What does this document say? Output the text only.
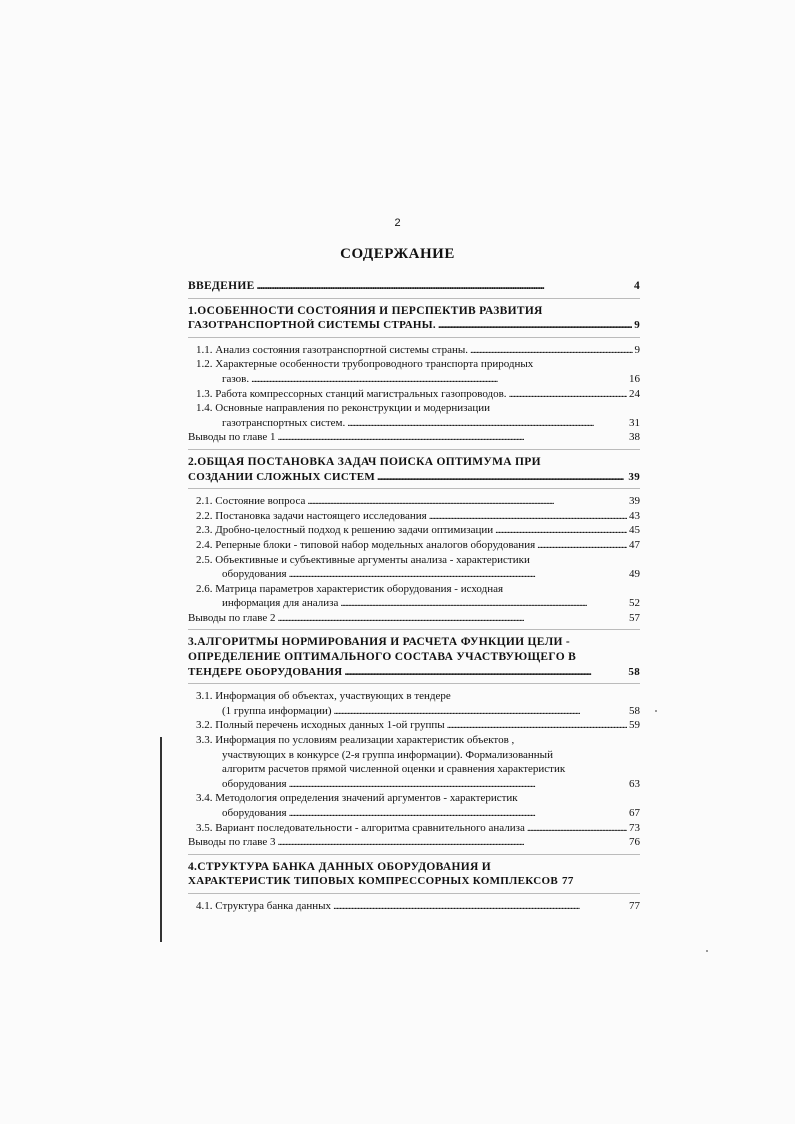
2
СОДЕРЖАНИЕ
ВВЕДЕНИЕ . . .	4
1.ОСОБЕННОСТИ СОСТОЯНИЯ И ПЕРСПЕКТИВ РАЗВИТИЯ
ГАЗОТРАНСПОРТНОЙ СИСТЕМЫ СТРАНЫ. . . .	9
1.1. Анализ состояния газотранспортной системы страны. . . .	9
1.2. Характерные особенности трубопроводного транспорта природных
газов. . . .	16
1.3. Работа компрессорных станций магистральных газопроводов. . . .	24
1.4. Основные направления по реконструкции и модернизации
газотранспортных систем. . . .	31
Выводы по главе 1 . . .	38
2.ОБЩАЯ ПОСТАНОВКА ЗАДАЧ ПОИСКА ОПТИМУМА ПРИ
СОЗДАНИИ СЛОЖНЫХ СИСТЕМ . . .	39
2.1. Состояние вопроса . . .	39
2.2. Постановка задачи настоящего исследования . . .	43
2.3. Дробно-целостный подход к решению задачи оптимизации . . .	45
2.4. Реперные блоки - типовой набор модельных аналогов оборудования . . .	47
2.5. Объективные и субъективные аргументы анализа - характеристики
оборудования . . .	49
2.6. Матрица параметров характеристик оборудования - исходная
информация для анализа . . .	52
Выводы по главе 2 . . .	57
3.АЛГОРИТМЫ НОРМИРОВАНИЯ И РАСЧЕТА ФУНКЦИИ ЦЕЛИ -
ОПРЕДЕЛЕНИЕ ОПТИМАЛЬНОГО СОСТАВА УЧАСТВУЮЩЕГО В
ТЕНДЕРЕ ОБОРУДОВАНИЯ . . .	58
3.1. Информация об объектах, участвующих в тендере
(1 группа информации) . . .	58
3.2. Полный перечень исходных данных 1-ой группы . . .	59
3.3. Информация по условиям реализации характеристик объектов ,
участвующих в конкурсе (2-я группа информации). Формализованный
алгоритм расчетов прямой численной оценки и сравнения характеристик
оборудования . . .	63
3.4. Методология определения значений аргументов - характеристик
оборудования . . .	67
3.5. Вариант последовательности - алгоритма сравнительного анализа . . .	73
Выводы по главе 3 . . .	76
4.СТРУКТУРА БАНКА ДАННЫХ ОБОРУДОВАНИЯ И
ХАРАКТЕРИСТИК ТИПОВЫХ КОМПРЕССОРНЫХ КОМПЛЕКСОВ 77
4.1. Структура банка данных . . .	77
